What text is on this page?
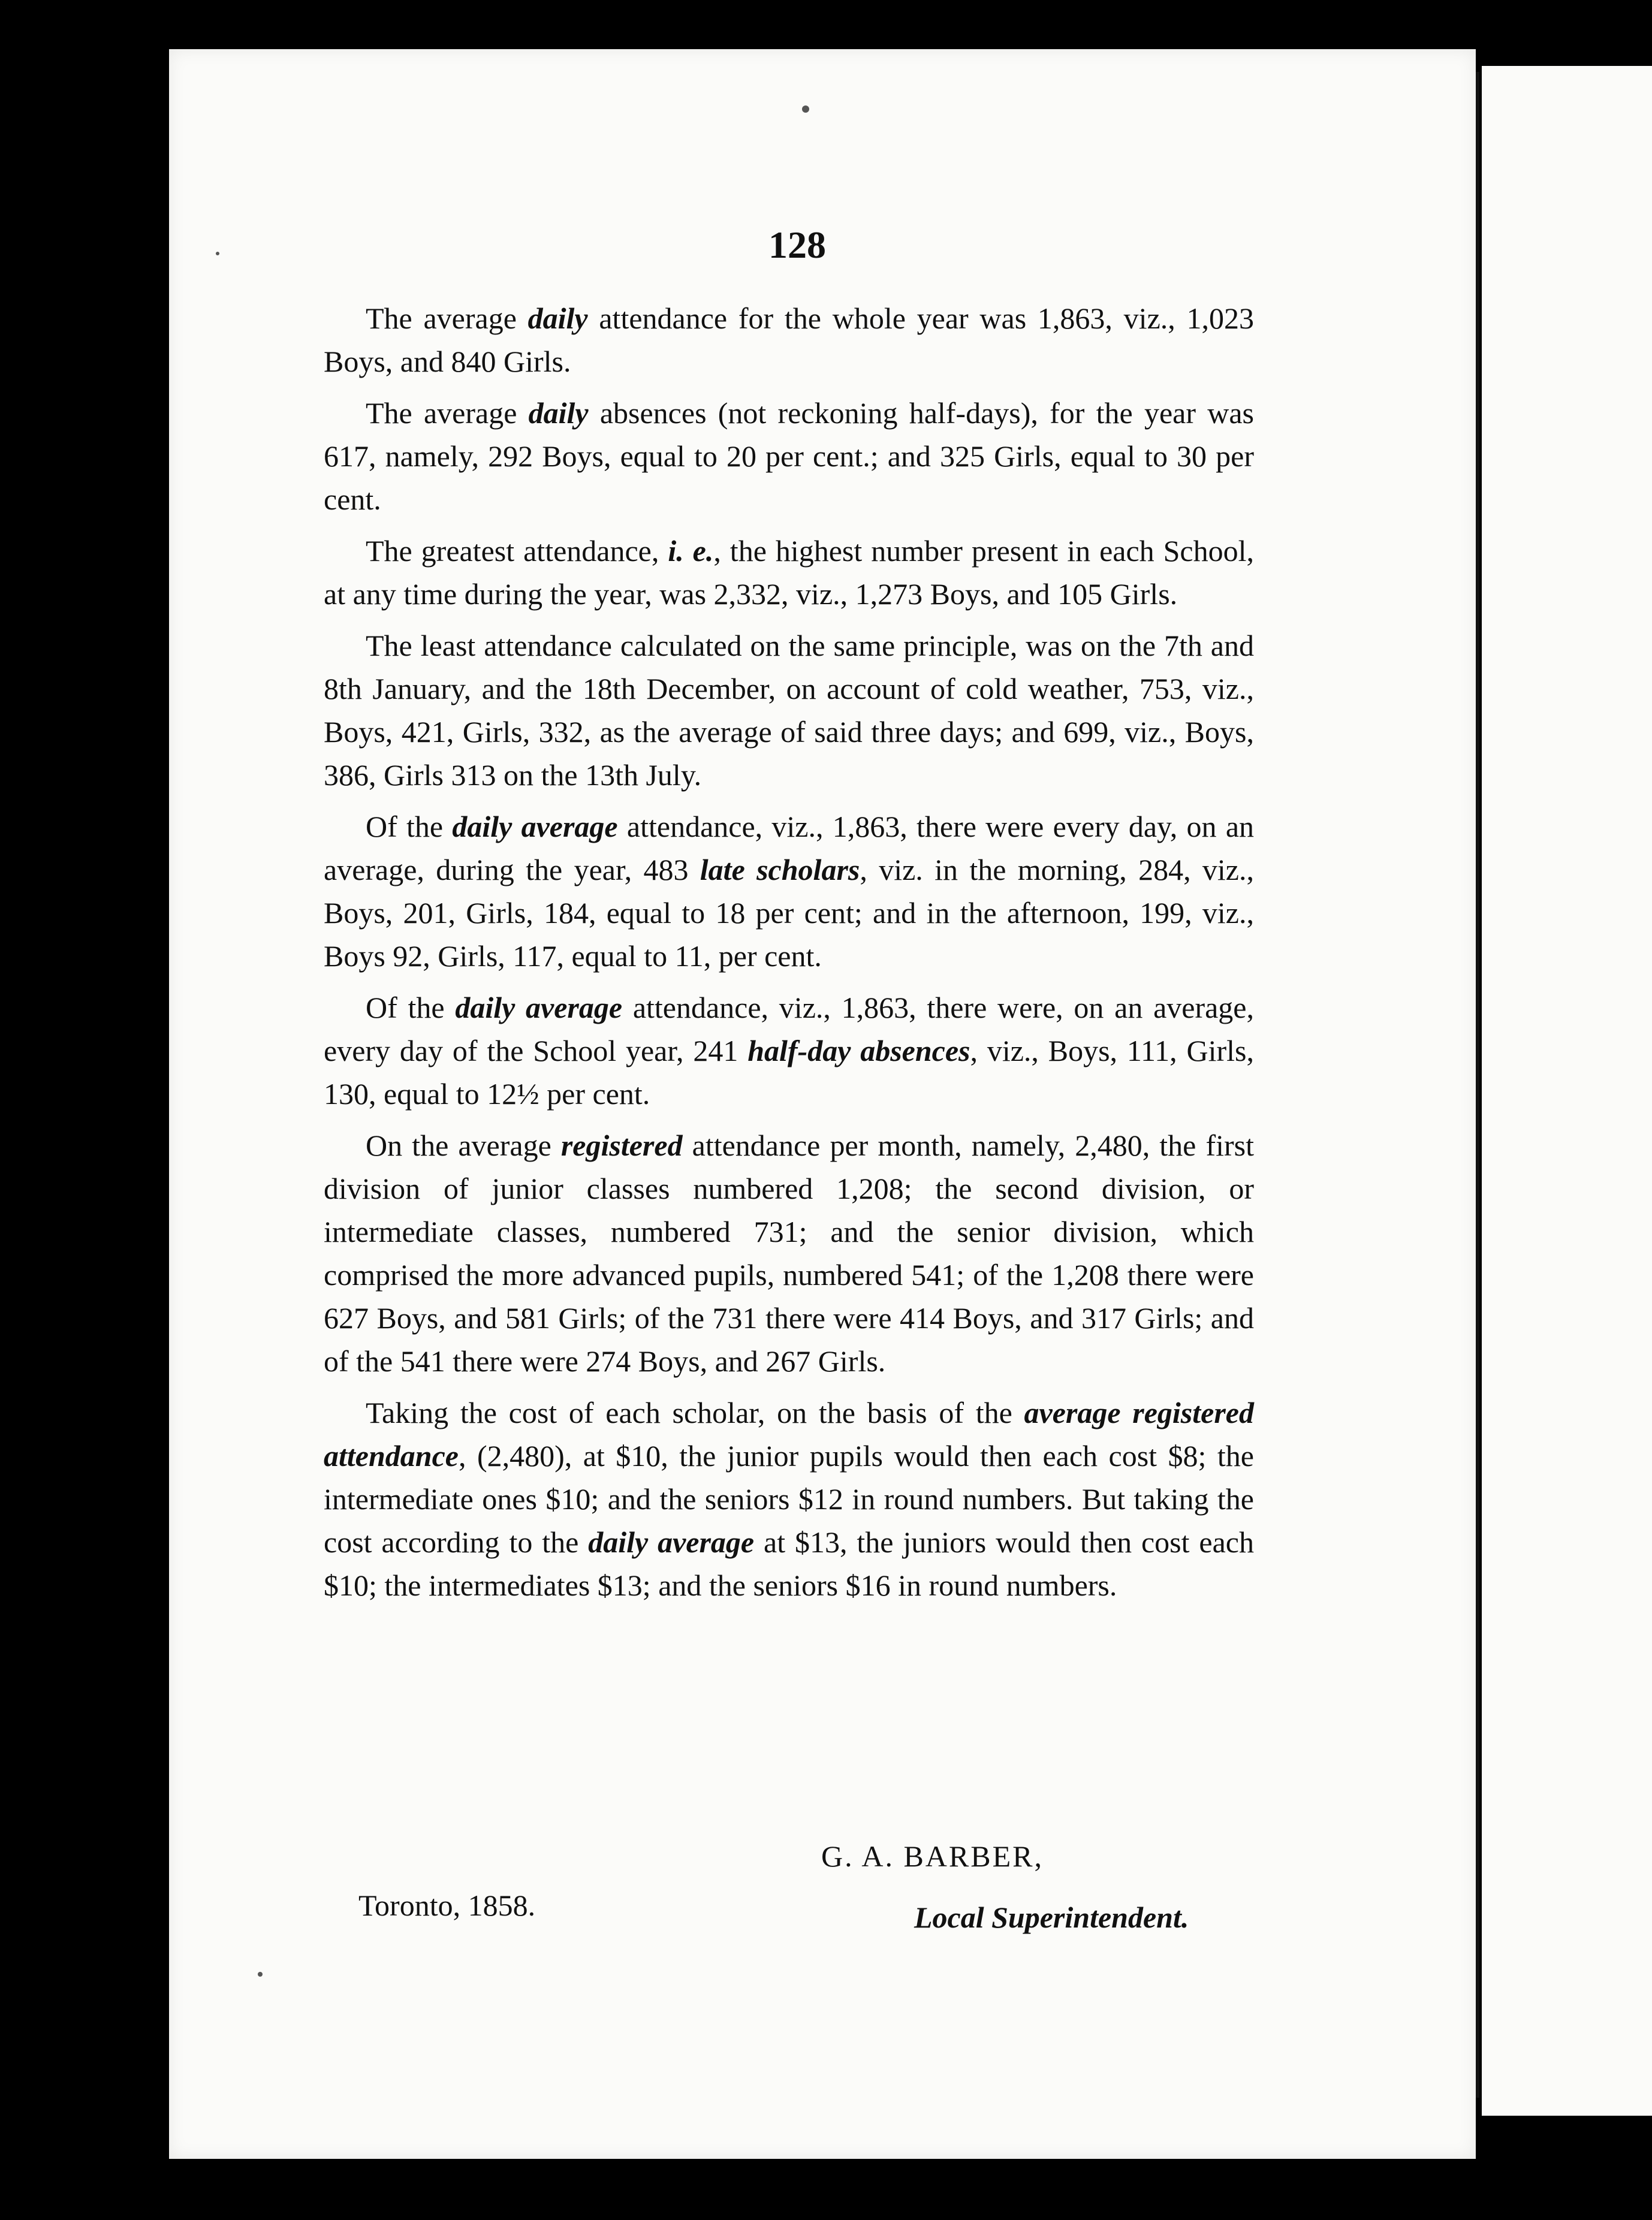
128

The average daily attendance for the whole year was 1,863, viz., 1,023 Boys, and 840 Girls.

The average daily absences (not reckoning half-days), for the year was 617, namely, 292 Boys, equal to 20 per cent.; and 325 Girls, equal to 30 per cent.

The greatest attendance, i. e., the highest number present in each School, at any time during the year, was 2,332, viz., 1,273 Boys, and 105 Girls.

The least attendance calculated on the same principle, was on the 7th and 8th January, and the 18th December, on account of cold weather, 753, viz., Boys, 421, Girls, 332, as the average of said three days; and 699, viz., Boys, 386, Girls 313 on the 13th July.

Of the daily average attendance, viz., 1,863, there were every day, on an average, during the year, 483 late scholars, viz. in the morning, 284, viz., Boys, 201, Girls, 184, equal to 18 per cent; and in the afternoon, 199, viz., Boys 92, Girls, 117, equal to 11, per cent.

Of the daily average attendance, viz., 1,863, there were, on an average, every day of the School year, 241 half-day absences, viz., Boys, 111, Girls, 130, equal to 12½ per cent.

On the average registered attendance per month, namely, 2,480, the first division of junior classes numbered 1,208; the second division, or intermediate classes, numbered 731; and the senior division, which comprised the more advanced pupils, numbered 541; of the 1,208 there were 627 Boys, and 581 Girls; of the 731 there were 414 Boys, and 317 Girls; and of the 541 there were 274 Boys, and 267 Girls.

Taking the cost of each scholar, on the basis of the average registered attendance, (2,480), at $10, the junior pupils would then each cost $8; the intermediate ones $10; and the seniors $12 in round numbers. But taking the cost according to the daily average at $13, the juniors would then cost each $10; the intermediates $13; and the seniors $16 in round numbers.

G. A. BARBER,
Toronto, 1858.	Local Superintendent.
